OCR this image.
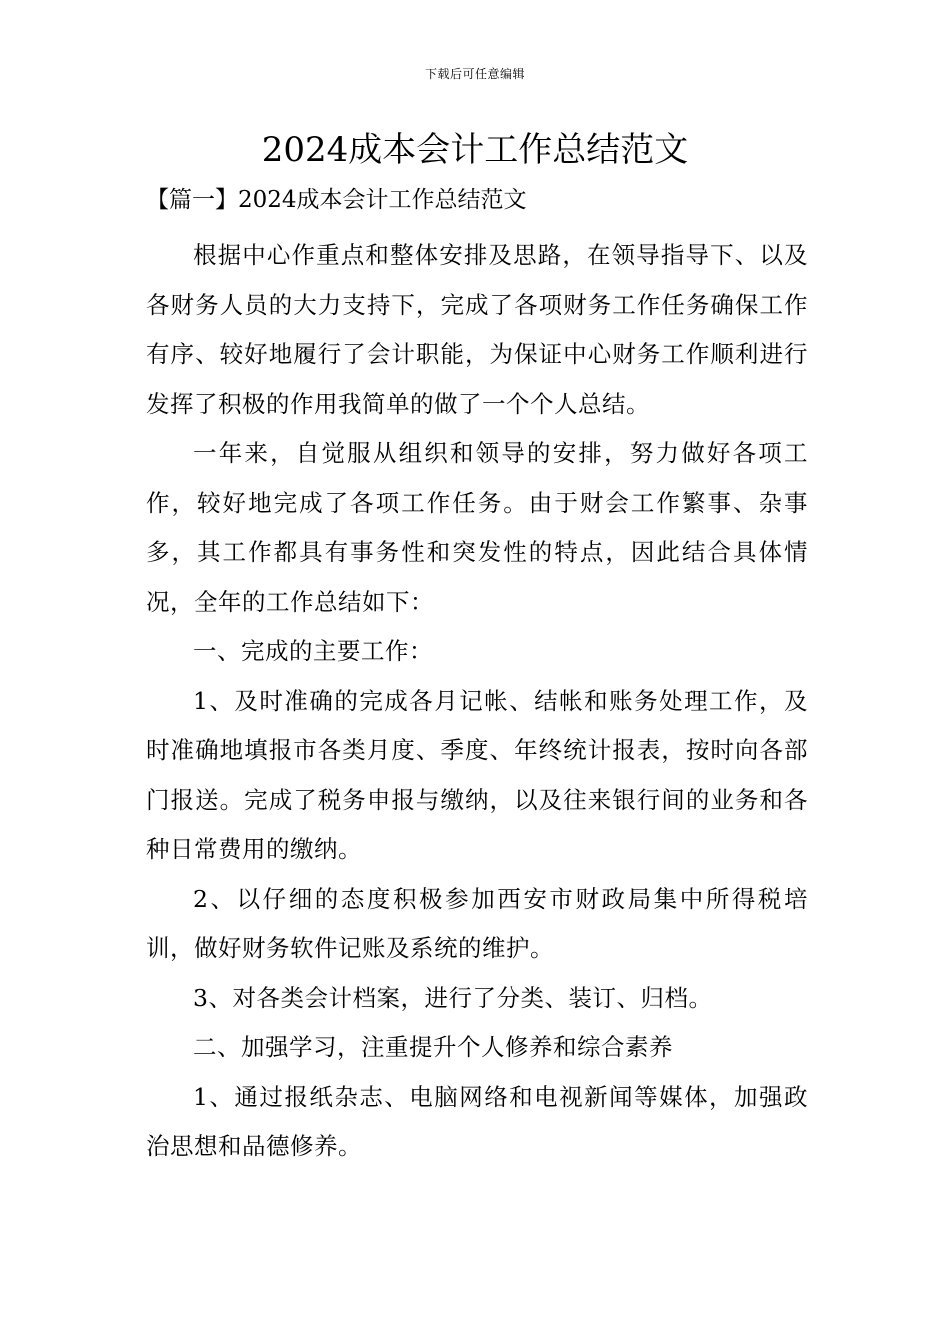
下载后可任意编辑
2024成本会计工作总结范文
【篇一】2024成本会计工作总结范文

根据中心作重点和整体安排及思路，在领导指导下、以及各财务人员的大力支持下，完成了各项财务工作任务确保工作有序、较好地履行了会计职能，为保证中心财务工作顺利进行发挥了积极的作用我简单的做了一个个人总结。

一年来，自觉服从组织和领导的安排，努力做好各项工作，较好地完成了各项工作任务。由于财会工作繁事、杂事多，其工作都具有事务性和突发性的特点，因此结合具体情况，全年的工作总结如下：

一、完成的主要工作：

1、及时准确的完成各月记帐、结帐和账务处理工作，及时准确地填报市各类月度、季度、年终统计报表，按时向各部门报送。完成了税务申报与缴纳，以及往来银行间的业务和各种日常费用的缴纳。

2、以仔细的态度积极参加西安市财政局集中所得税培训，做好财务软件记账及系统的维护。

3、对各类会计档案，进行了分类、装订、归档。

二、加强学习，注重提升个人修养和综合素养

1、通过报纸杂志、电脑网络和电视新闻等媒体，加强政治思想和品德修养。
